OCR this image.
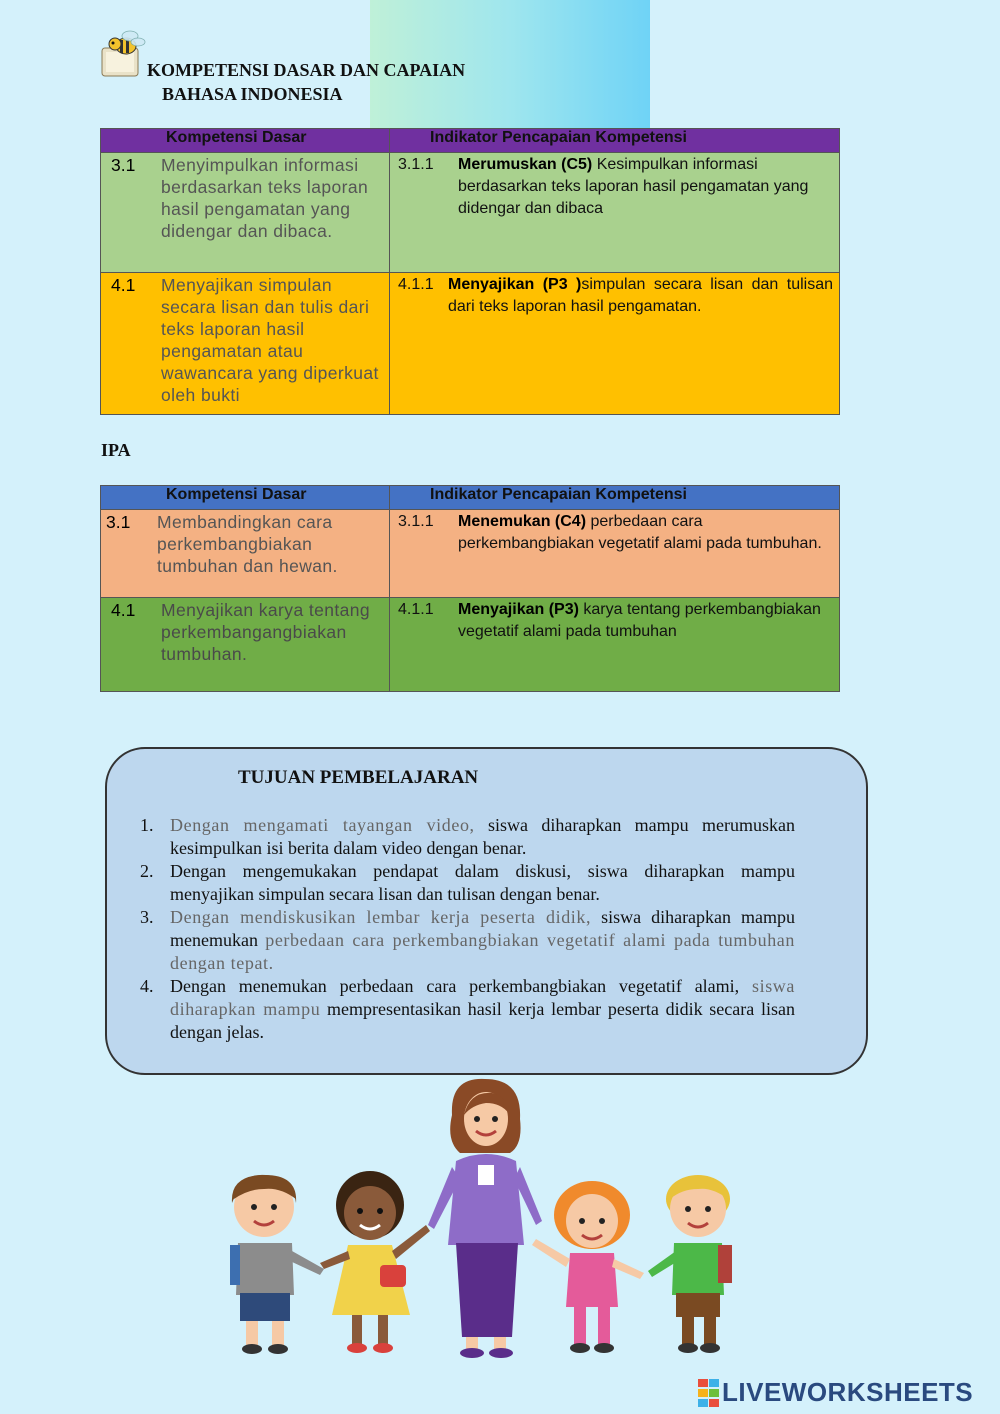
KOMPETENSI DASAR DAN CAPAIAN
BAHASA INDONESIA
Kompetensi Dasar	Indikator Pencapaian Kompetensi

3.1 Menyimpulkan informasi berdasarkan teks laporan hasil pengamatan yang didengar dan dibaca.	3.1.1 Merumuskan (C5) Kesimpulkan informasi berdasarkan teks laporan hasil pengamatan yang didengar dan dibaca

4.1 Menyajikan simpulan secara lisan dan tulis dari teks laporan hasil pengamatan atau wawancara yang diperkuat oleh bukti	4.1.1 Menyajikan (P3 )simpulan secara lisan dan tulisan dari teks laporan hasil pengamatan.
IPA
Kompetensi Dasar	Indikator Pencapaian Kompetensi

3.1 Membandingkan cara perkembangbiakan tumbuhan dan hewan.	3.1.1 Menemukan (C4) perbedaan cara perkembangbiakan vegetatif alami pada tumbuhan.

4.1 Menyajikan karya tentang perkembangangbiakan tumbuhan.	4.1.1 Menyajikan (P3) karya tentang perkembangbiakan vegetatif alami pada tumbuhan
TUJUAN PEMBELAJARAN
1. Dengan mengamati tayangan video, siswa diharapkan mampu merumuskan kesimpulkan isi berita dalam video dengan benar.
2. Dengan mengemukakan pendapat dalam diskusi, siswa diharapkan mampu menyajikan simpulan secara lisan dan tulisan dengan benar.
3. Dengan mendiskusikan lembar kerja peserta didik, siswa diharapkan mampu menemukan perbedaan cara perkembangbiakan vegetatif alami pada tumbuhan dengan tepat.
4. Dengan menemukan perbedaan cara perkembangbiakan vegetatif alami, siswa diharapkan mampu mempresentasikan hasil kerja lembar peserta didik secara lisan dengan jelas.
LIVEWORKSHEETS
